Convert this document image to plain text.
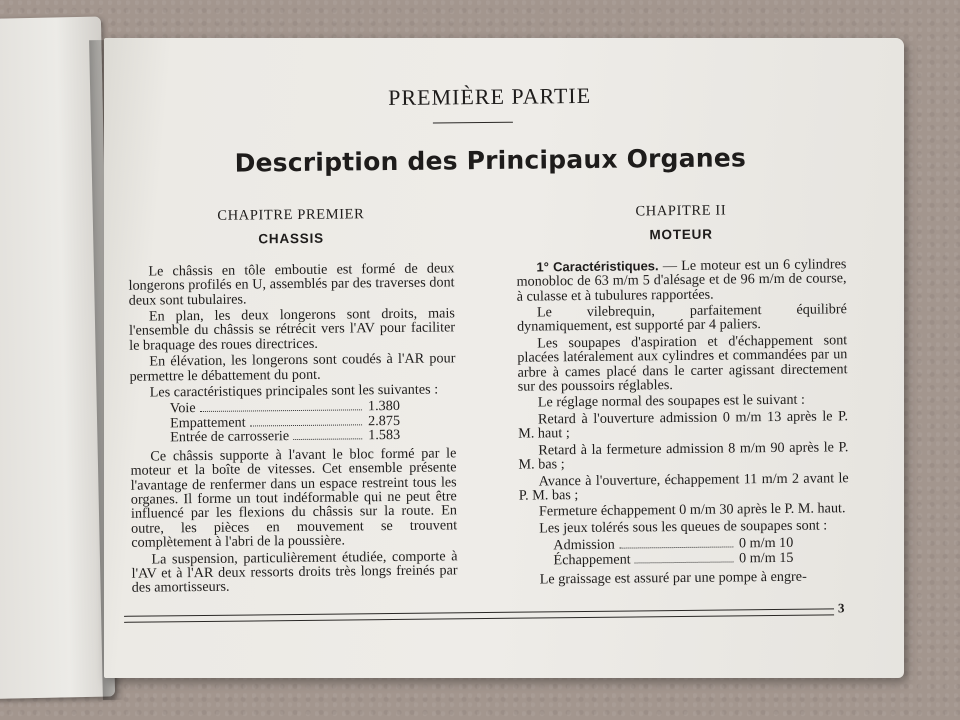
PREMIÈRE PARTIE
Description des Principaux Organes
CHAPITRE PREMIER
CHASSIS

Le châssis en tôle emboutie est formé de deux longerons profilés en U, assemblés par des traverses dont deux sont tubulaires.

En plan, les deux longerons sont droits, mais l'ensemble du châssis se rétrécit vers l'AV pour faciliter le braquage des roues directrices.

En élévation, les longerons sont coudés à l'AR pour permettre le débattement du pont.

Les caractéristiques principales sont les suivantes :

Voie	1.380
Empattement	2.875
Entrée de carrosserie	1.583

Ce châssis supporte à l'avant le bloc formé par le moteur et la boîte de vitesses. Cet ensemble présente l'avantage de renfermer dans un espace restreint tous les organes. Il forme un tout indéformable qui ne peut être influencé par les flexions du châssis sur la route. En outre, les pièces en mouvement se trouvent complètement à l'abri de la poussière.

La suspension, particulièrement étudiée, comporte à l'AV et à l'AR deux ressorts droits très longs freinés par des amortisseurs.

CHAPITRE II
MOTEUR

1° Caractéristiques. — Le moteur est un 6 cylindres monobloc de 63 m/m 5 d'alésage et de 96 m/m de course, à culasse et à tubulures rapportées.

Le vilebrequin, parfaitement équilibré dynamiquement, est supporté par 4 paliers.

Les soupapes d'aspiration et d'échappement sont placées latéralement aux cylindres et commandées par un arbre à cames placé dans le carter agissant directement sur des poussoirs réglables.

Le réglage normal des soupapes est le suivant :

Retard à l'ouverture admission 0 m/m 13 après le P. M. haut ;

Retard à la fermeture admission 8 m/m 90 après le P. M. bas ;

Avance à l'ouverture, échappement 11 m/m 2 avant le P. M. bas ;

Fermeture échappement 0 m/m 30 après le P. M. haut.

Les jeux tolérés sous les queues de soupapes sont :

Admission	0 m/m 10
Échappement	0 m/m 15

Le graissage est assuré par une pompe à engre-

3
